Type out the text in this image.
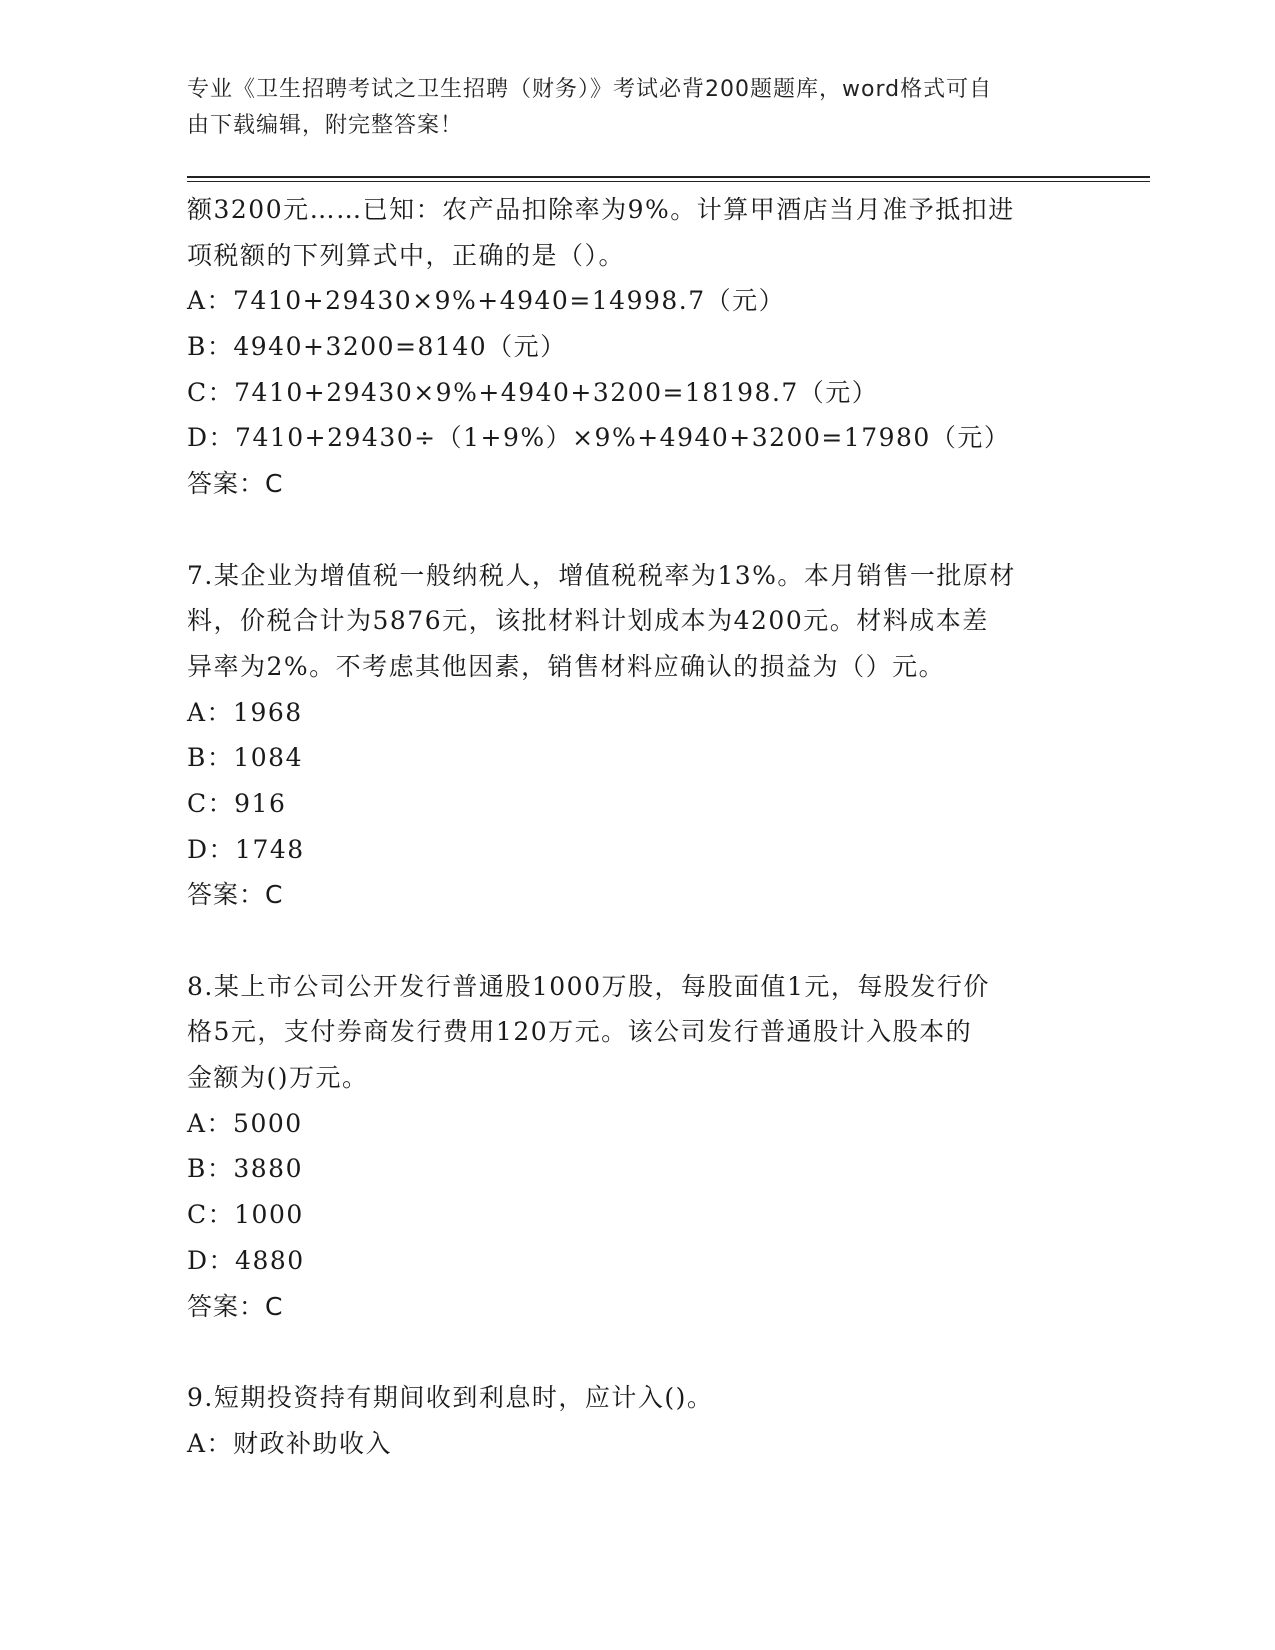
专业《卫生招聘考试之卫生招聘（财务）》考试必背200题题库，word格式可自
由下载编辑，附完整答案！
额3200元……已知：农产品扣除率为9%。计算甲酒店当月准予抵扣进
项税额的下列算式中，正确的是（）。
A：7410+29430×9%+4940=14998.7（元）
B：4940+3200=8140（元）
C：7410+29430×9%+4940+3200=18198.7（元）
D：7410+29430÷（1+9%）×9%+4940+3200=17980（元）
答案：C
7.某企业为增值税一般纳税人，增值税税率为13%。本月销售一批原材
料，价税合计为5876元，该批材料计划成本为4200元。材料成本差
异率为2%。不考虑其他因素，销售材料应确认的损益为（）元。
A：1968
B：1084
C：916
D：1748
答案：C
8.某上市公司公开发行普通股1000万股，每股面值1元，每股发行价
格5元，支付券商发行费用120万元。该公司发行普通股计入股本的
金额为()万元。
A：5000
B：3880
C：1000
D：4880
答案：C
9.短期投资持有期间收到利息时，应计入()。
A：财政补助收入
